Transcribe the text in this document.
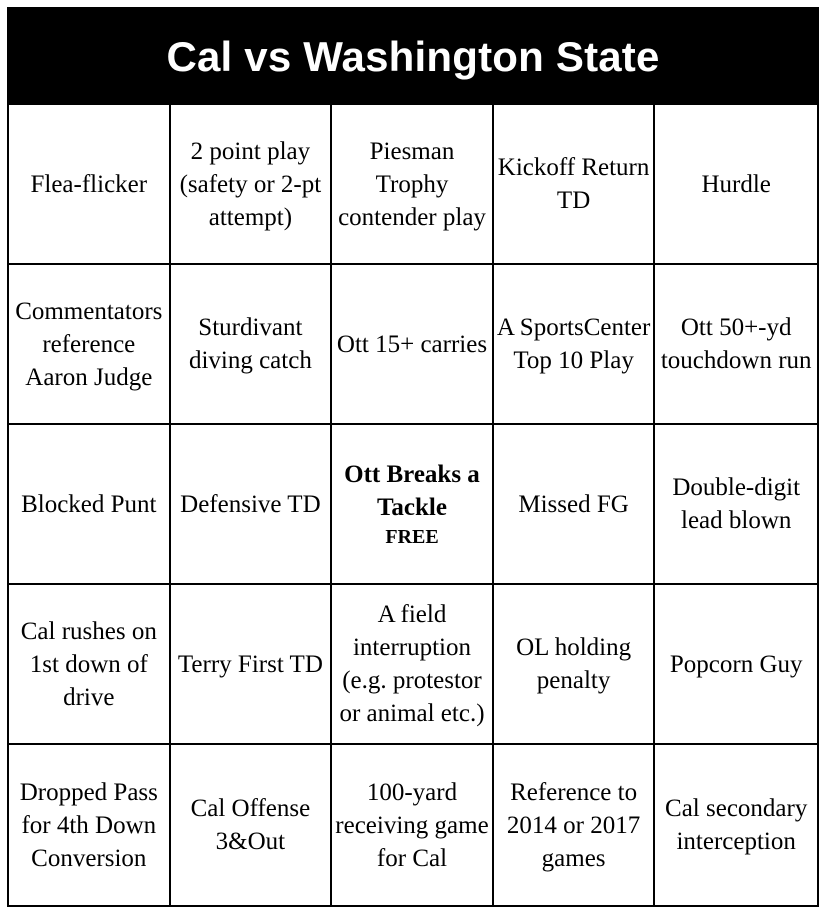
Cal vs Washington State
Flea-flicker
2 point play (safety or 2-pt attempt)
Piesman Trophy contender play
Kickoff Return TD
Hurdle
Commentators reference Aaron Judge
Sturdivant diving catch
Ott 15+ carries
A SportsCenter Top 10 Play
Ott 50+-yd touchdown run
Blocked Punt Defensive TD
Ott Breaks a Tackle
FREE
Missed FG
Double-digit lead blown
Cal rushes on 1st down of drive
Terry First TD
A field interruption (e.g. protestor or animal etc.)
OL holding penalty
Popcorn Guy
Dropped Pass for 4th Down Conversion
Cal Offense 3&Out
100-yard receiving game for Cal
Reference to 2014 or 2017 games
Cal secondary interception
